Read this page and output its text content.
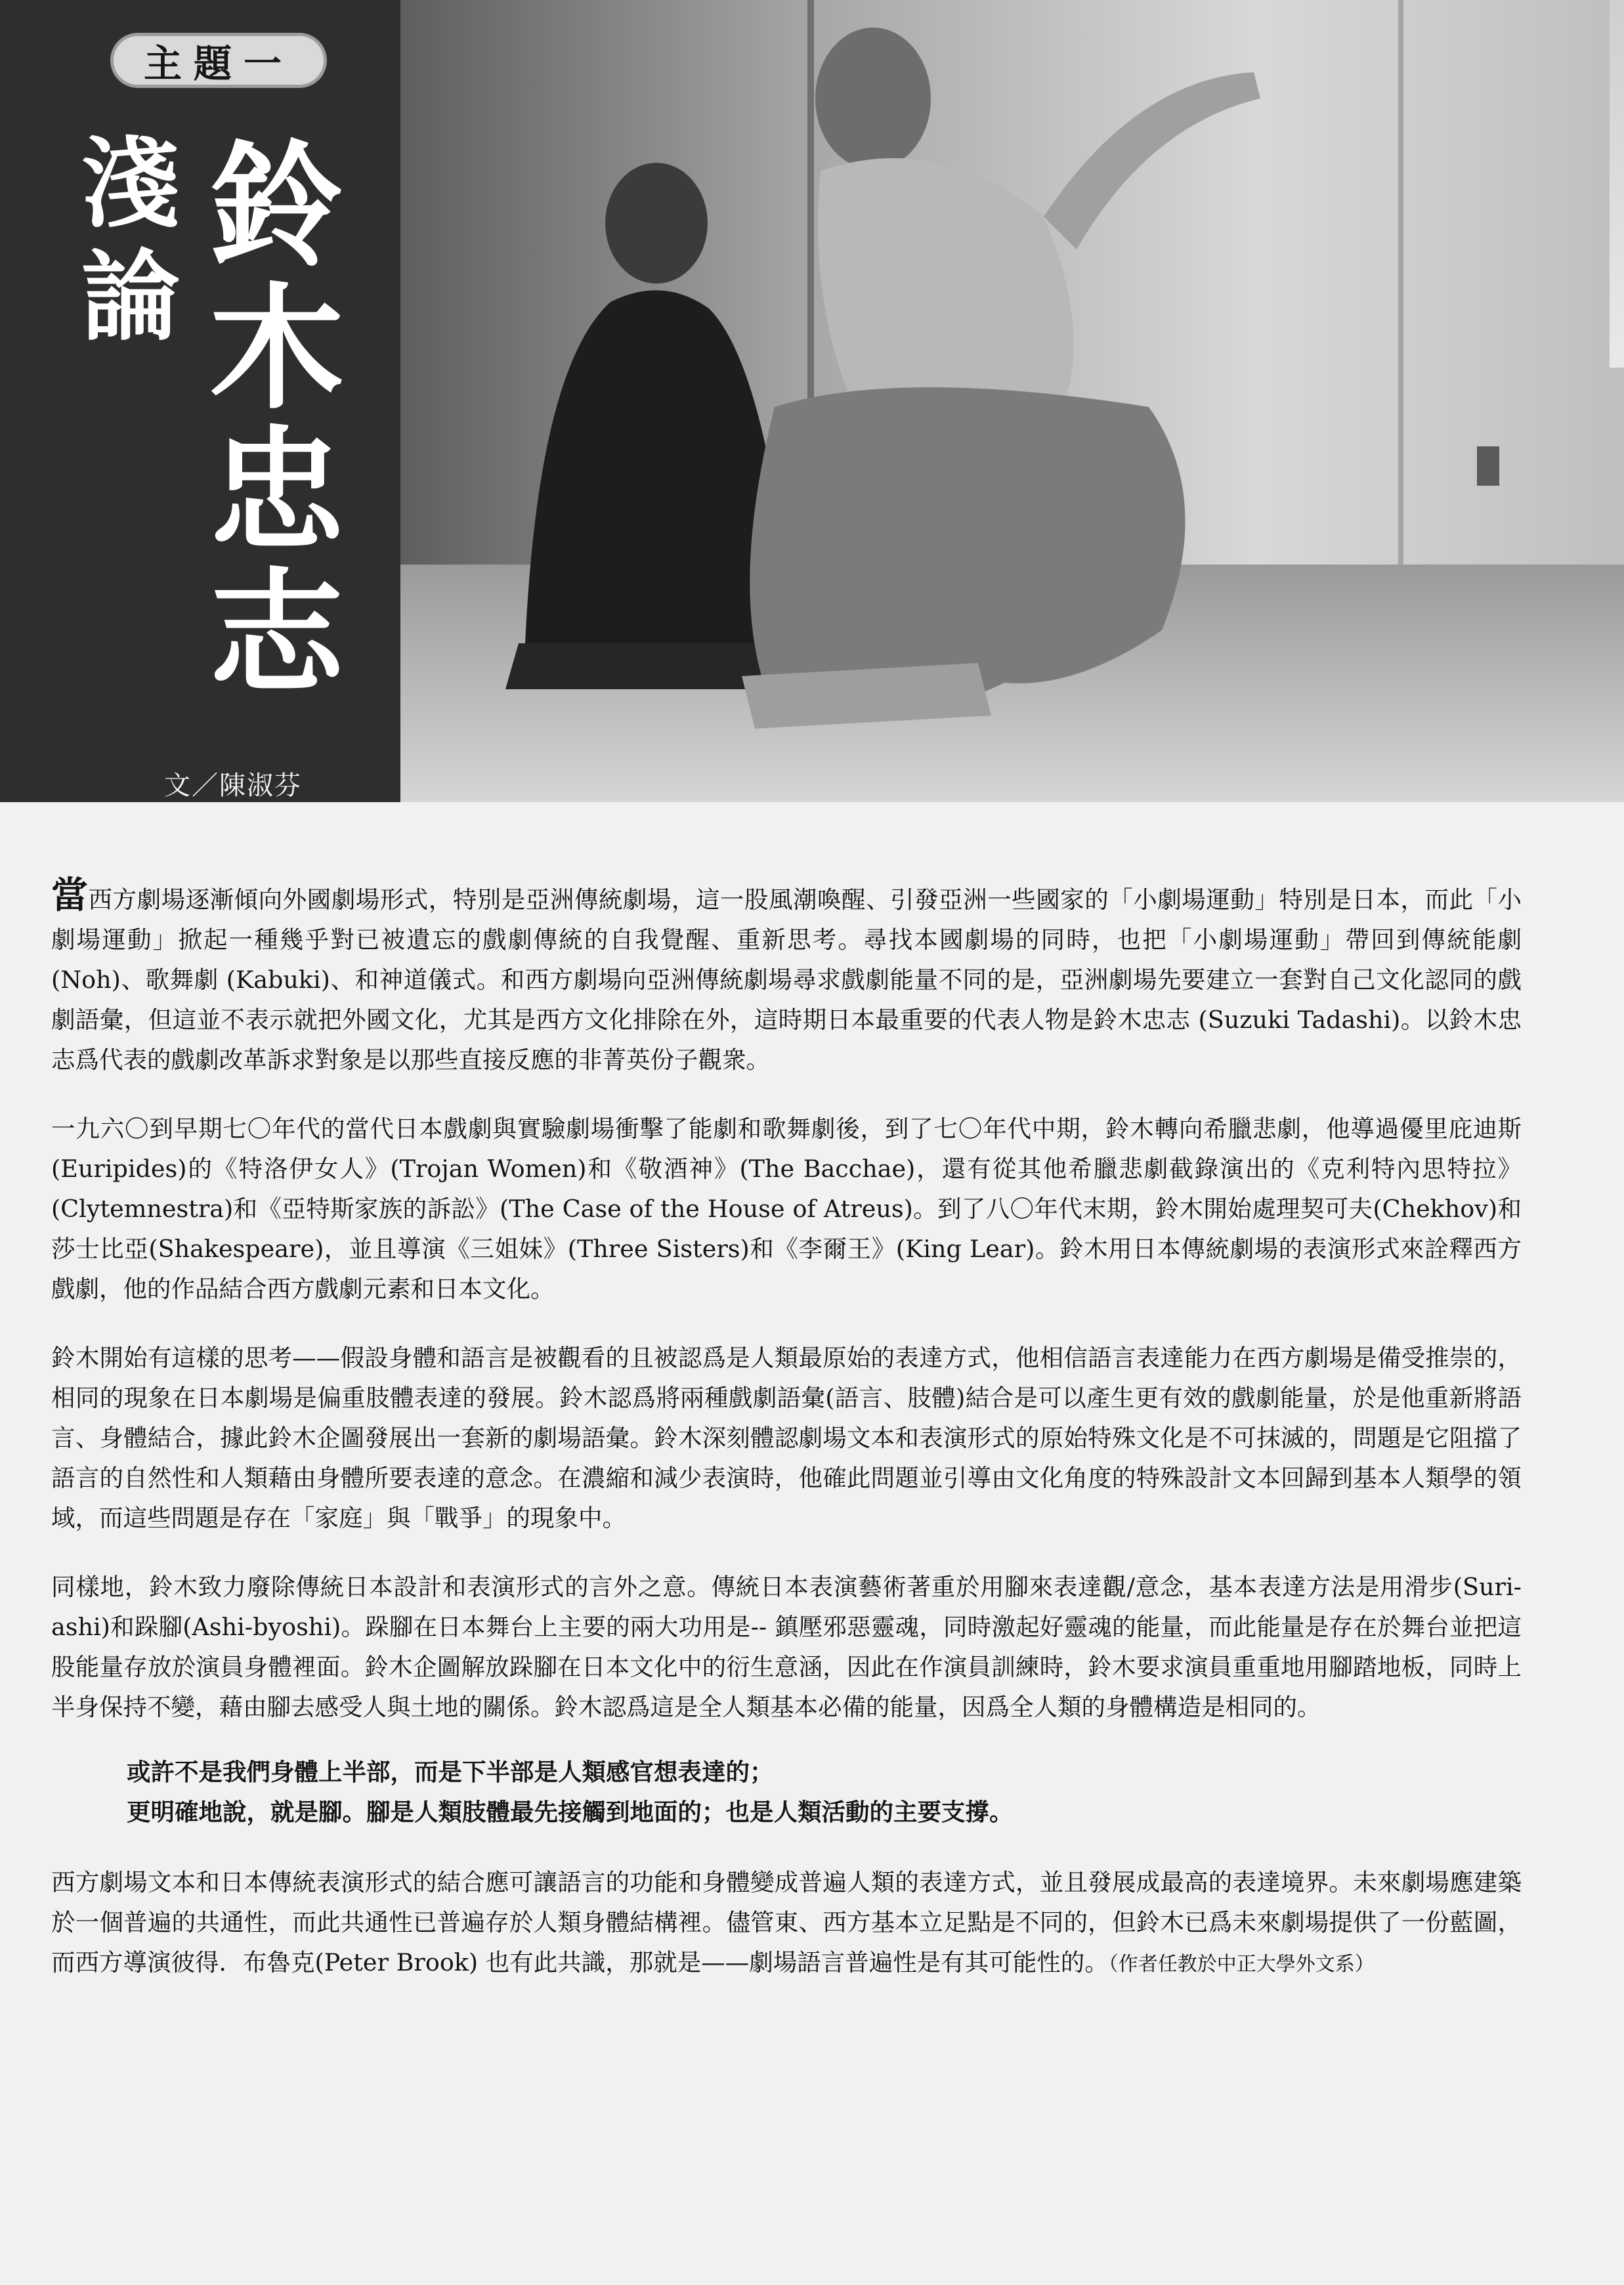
主題一
淺論 鈴木忠志
文／陳淑芬

當西方劇場逐漸傾向外國劇場形式，特別是亞洲傳統劇場，這一股風潮喚醒、引發亞洲一些國家的「小劇場運動」特別是日本，而此「小劇場運動」掀起一種幾乎對已被遺忘的戲劇傳統的自我覺醒、重新思考。尋找本國劇場的同時，也把「小劇場運動」帶回到傳統能劇(Noh)、歌舞劇 (Kabuki)、和神道儀式。和西方劇場向亞洲傳統劇場尋求戲劇能量不同的是，亞洲劇場先要建立一套對自己文化認同的戲劇語彙，但這並不表示就把外國文化，尤其是西方文化排除在外，這時期日本最重要的代表人物是鈴木忠志 (Suzuki Tadashi)。以鈴木忠志爲代表的戲劇改革訴求對象是以那些直接反應的非菁英份子觀衆。

一九六〇到早期七〇年代的當代日本戲劇與實驗劇場衝擊了能劇和歌舞劇後，到了七〇年代中期，鈴木轉向希臘悲劇，他導過優里庇迪斯(Euripides)的《特洛伊女人》(Trojan Women)和《敬酒神》(The Bacchae)，還有從其他希臘悲劇截錄演出的《克利特內思特拉》(Clytemnestra)和《亞特斯家族的訴訟》(The Case of the House of Atreus)。到了八〇年代末期，鈴木開始處理契可夫(Chekhov)和莎士比亞(Shakespeare)，並且導演《三姐妹》(Three Sisters)和《李爾王》(King Lear)。鈴木用日本傳統劇場的表演形式來詮釋西方戲劇，他的作品結合西方戲劇元素和日本文化。

鈴木開始有這樣的思考——假設身體和語言是被觀看的且被認爲是人類最原始的表達方式，他相信語言表達能力在西方劇場是備受推崇的，相同的現象在日本劇場是偏重肢體表達的發展。鈴木認爲將兩種戲劇語彙(語言、肢體)結合是可以產生更有效的戲劇能量，於是他重新將語言、身體結合，據此鈴木企圖發展出一套新的劇場語彙。鈴木深刻體認劇場文本和表演形式的原始特殊文化是不可抹滅的，問題是它阻擋了語言的自然性和人類藉由身體所要表達的意念。在濃縮和減少表演時，他確此問題並引導由文化角度的特殊設計文本回歸到基本人類學的領域，而這些問題是存在「家庭」與「戰爭」的現象中。

同樣地，鈴木致力廢除傳統日本設計和表演形式的言外之意。傳統日本表演藝術著重於用腳來表達觀/意念，基本表達方法是用滑步(Suri-ashi)和跺腳(Ashi-byoshi)。跺腳在日本舞台上主要的兩大功用是-- 鎮壓邪惡靈魂，同時激起好靈魂的能量，而此能量是存在於舞台並把這股能量存放於演員身體裡面。鈴木企圖解放跺腳在日本文化中的衍生意涵，因此在作演員訓練時，鈴木要求演員重重地用腳踏地板，同時上半身保持不變，藉由腳去感受人與土地的關係。鈴木認爲這是全人類基本必備的能量，因爲全人類的身體構造是相同的。

或許不是我們身體上半部，而是下半部是人類感官想表達的；

更明確地說，就是腳。腳是人類肢體最先接觸到地面的；也是人類活動的主要支撐。

西方劇場文本和日本傳統表演形式的結合應可讓語言的功能和身體變成普遍人類的表達方式，並且發展成最高的表達境界。未來劇場應建築於一個普遍的共通性，而此共通性已普遍存於人類身體結構裡。儘管東、西方基本立足點是不同的，但鈴木已爲未來劇場提供了一份藍圖，而西方導演彼得．布魯克(Peter Brook) 也有此共識，那就是——劇場語言普遍性是有其可能性的。（作者任教於中正大學外文系）
